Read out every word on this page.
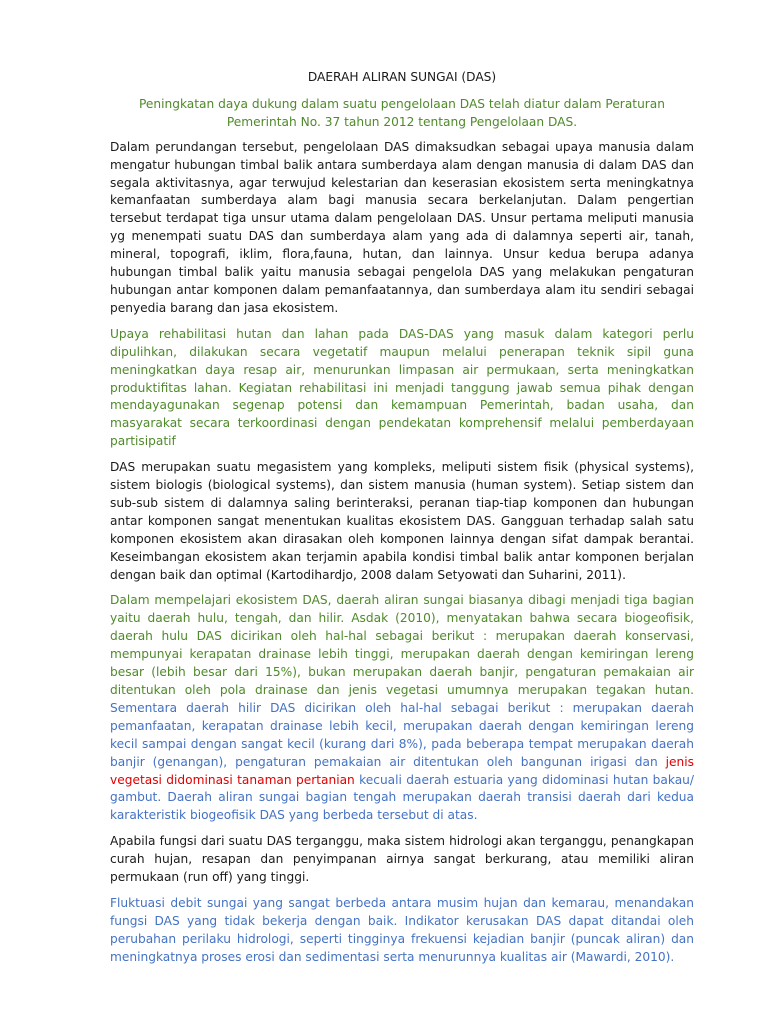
DAERAH ALIRAN SUNGAI (DAS)

Peningkatan daya dukung dalam suatu pengelolaan DAS telah diatur dalam Peraturan Pemerintah No. 37 tahun 2012 tentang Pengelolaan DAS.

Dalam perundangan tersebut, pengelolaan DAS dimaksudkan sebagai upaya manusia dalam mengatur hubungan timbal balik antara sumberdaya alam dengan manusia di dalam DAS dan segala aktivitasnya, agar terwujud kelestarian dan keserasian ekosistem serta meningkatnya kemanfaatan sumberdaya alam bagi manusia secara berkelanjutan. Dalam pengertian tersebut terdapat tiga unsur utama dalam pengelolaan DAS. Unsur pertama meliputi manusia yg menempati suatu DAS dan sumberdaya alam yang ada di dalamnya seperti air, tanah, mineral, topografi, iklim, flora,fauna, hutan, dan lainnya. Unsur kedua berupa adanya hubungan timbal balik yaitu manusia sebagai pengelola DAS yang melakukan pengaturan hubungan antar komponen dalam pemanfaatannya, dan sumberdaya alam itu sendiri sebagai penyedia barang dan jasa ekosistem.

Upaya rehabilitasi hutan dan lahan pada DAS-DAS yang masuk dalam kategori perlu dipulihkan, dilakukan secara vegetatif maupun melalui penerapan teknik sipil guna meningkatkan daya resap air, menurunkan limpasan air permukaan, serta meningkatkan produktifitas lahan. Kegiatan rehabilitasi ini menjadi tanggung jawab semua pihak dengan mendayagunakan segenap potensi dan kemampuan Pemerintah, badan usaha, dan masyarakat secara terkoordinasi dengan pendekatan komprehensif melalui pemberdayaan partisipatif

DAS merupakan suatu megasistem yang kompleks, meliputi sistem fisik (physical systems), sistem biologis (biological systems), dan sistem manusia (human system). Setiap sistem dan sub-sub sistem di dalamnya saling berinteraksi, peranan tiap-tiap komponen dan hubungan antar komponen sangat menentukan kualitas ekosistem DAS. Gangguan terhadap salah satu komponen ekosistem akan dirasakan oleh komponen lainnya dengan sifat dampak berantai. Keseimbangan ekosistem akan terjamin apabila kondisi timbal balik antar komponen berjalan dengan baik dan optimal (Kartodihardjo, 2008 dalam Setyowati dan Suharini, 2011).

Dalam mempelajari ekosistem DAS, daerah aliran sungai biasanya dibagi menjadi tiga bagian yaitu daerah hulu, tengah, dan hilir. Asdak (2010), menyatakan bahwa secara biogeofisik, daerah hulu DAS dicirikan oleh hal-hal sebagai berikut : merupakan daerah konservasi, mempunyai kerapatan drainase lebih tinggi, merupakan daerah dengan kemiringan lereng besar (lebih besar dari 15%), bukan merupakan daerah banjir, pengaturan pemakaian air ditentukan oleh pola drainase dan jenis vegetasi umumnya merupakan tegakan hutan. Sementara daerah hilir DAS dicirikan oleh hal-hal sebagai berikut : merupakan daerah pemanfaatan, kerapatan drainase lebih kecil, merupakan daerah dengan kemiringan lereng kecil sampai dengan sangat kecil (kurang dari 8%), pada beberapa tempat merupakan daerah banjir (genangan), pengaturan pemakaian air ditentukan oleh bangunan irigasi dan jenis vegetasi didominasi tanaman pertanian kecuali daerah estuaria yang didominasi hutan bakau/ gambut. Daerah aliran sungai bagian tengah merupakan daerah transisi daerah dari kedua karakteristik biogeofisik DAS yang berbeda tersebut di atas.

Apabila fungsi dari suatu DAS terganggu, maka sistem hidrologi akan terganggu, penangkapan curah hujan, resapan dan penyimpanan airnya sangat berkurang, atau memiliki aliran permukaan (run off) yang tinggi.

Fluktuasi debit sungai yang sangat berbeda antara musim hujan dan kemarau, menandakan fungsi DAS yang tidak bekerja dengan baik. Indikator kerusakan DAS dapat ditandai oleh perubahan perilaku hidrologi, seperti tingginya frekuensi kejadian banjir (puncak aliran) dan meningkatnya proses erosi dan sedimentasi serta menurunnya kualitas air (Mawardi, 2010).
